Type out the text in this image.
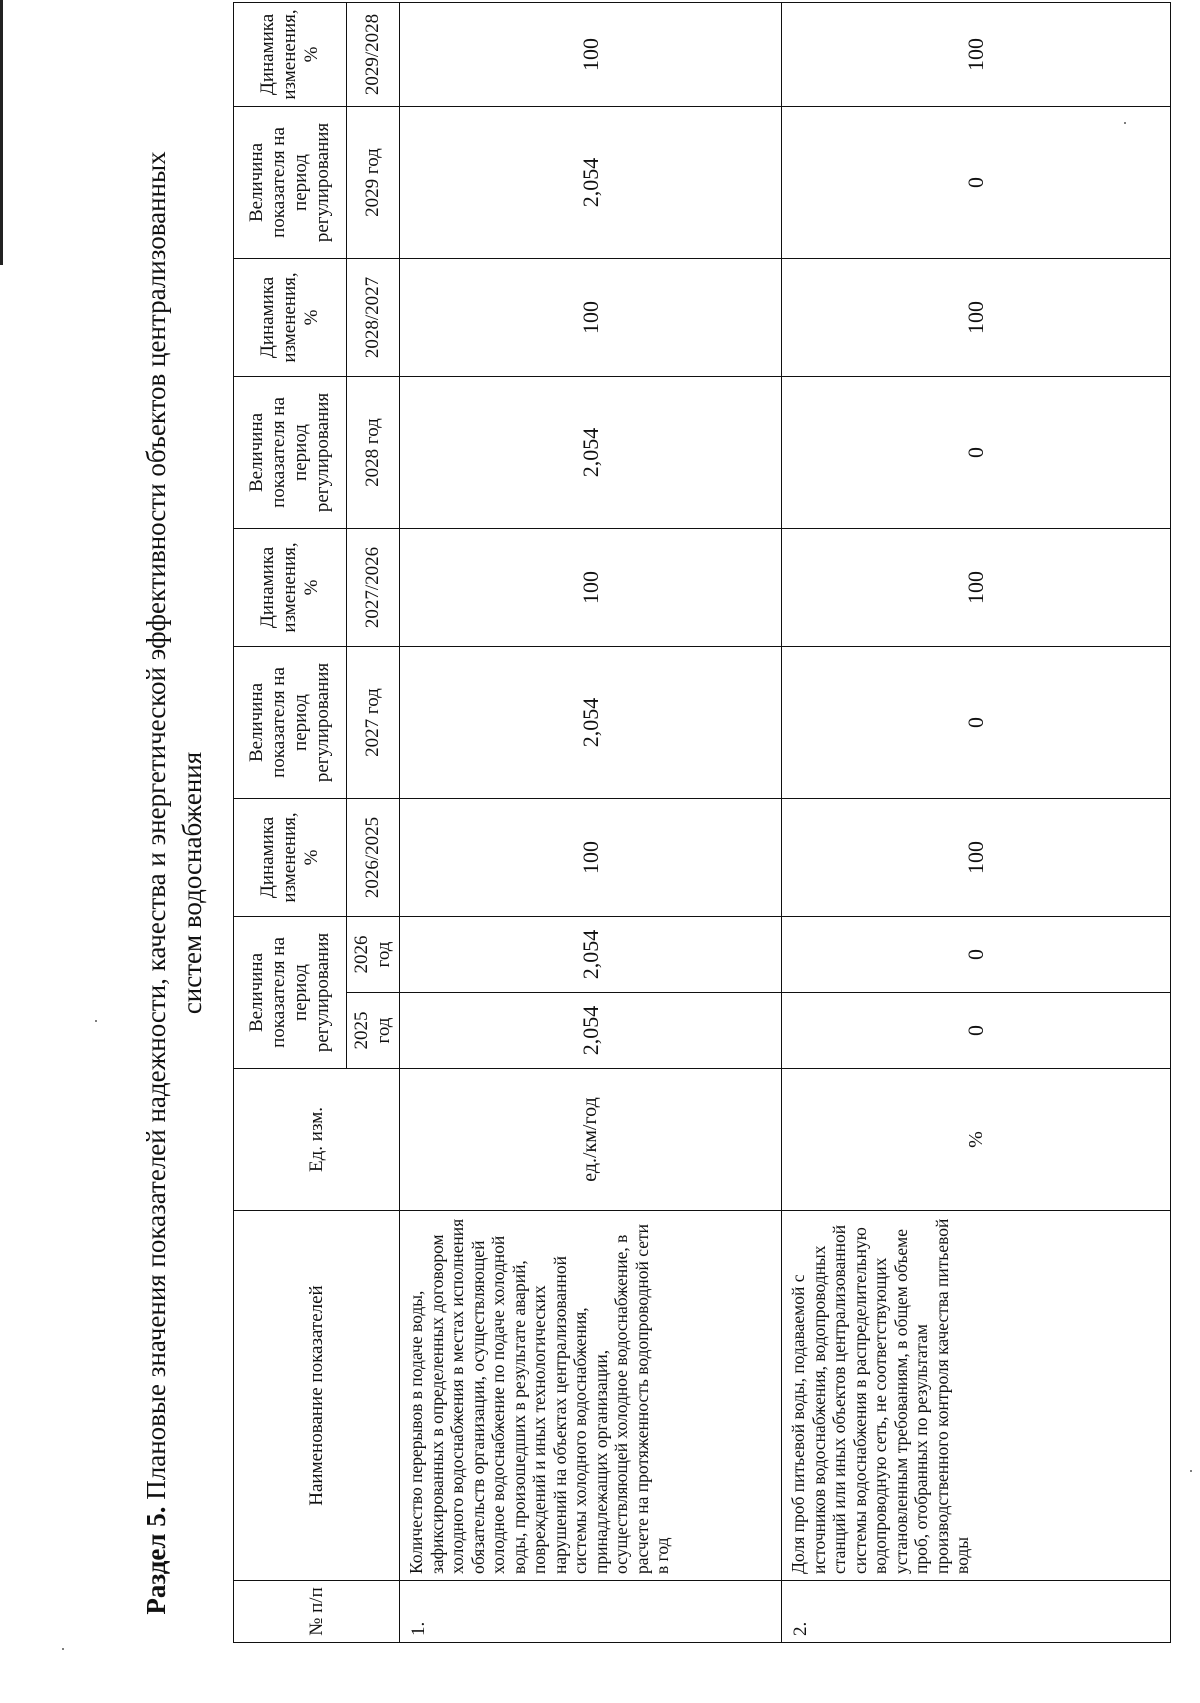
Раздел 5. Плановые значения показателей надежности, качества и энергетической эффективности объектов централизованных систем водоснабжения
№ п/п	Наименование показателей	Ед. изм.	Величина показателя на период регулирования		Динамика изменения, %	Величина показателя на период регулирования	Динамика изменения, %	Величина показателя на период регулирования	Динамика изменения, %	Величина показателя на период регулирования	Динамика изменения, %
			2025 год	2026 год	2026/2025	2027 год	2027/2026	2028 год	2028/2027	2029 год	2029/2028
1.	Количество перерывов в подаче воды, зафиксированных в определенных договором холодного водоснабжения в местах исполнения обязательств организации, осуществляющей холодное водоснабжение по подаче холодной воды, произошедших в результате аварий, повреждений и иных технологических нарушений на объектах централизованной системы холодного водоснабжения, принадлежащих организации, осуществляющей холодное водоснабжение, в расчете на протяженность водопроводной сети в год	ед./км/год	2,054	2,054	100	2,054	100	2,054	100	2,054	100
2.	Доля проб питьевой воды, подаваемой с источников водоснабжения, водопроводных станций или иных объектов централизованной системы водоснабжения в распределительную водопроводную сеть, не соответствующих установленным требованиям, в общем объеме проб, отобранных по результатам производственного контроля качества питьевой воды	%	0	0	100	0	100	0	100	0	100
